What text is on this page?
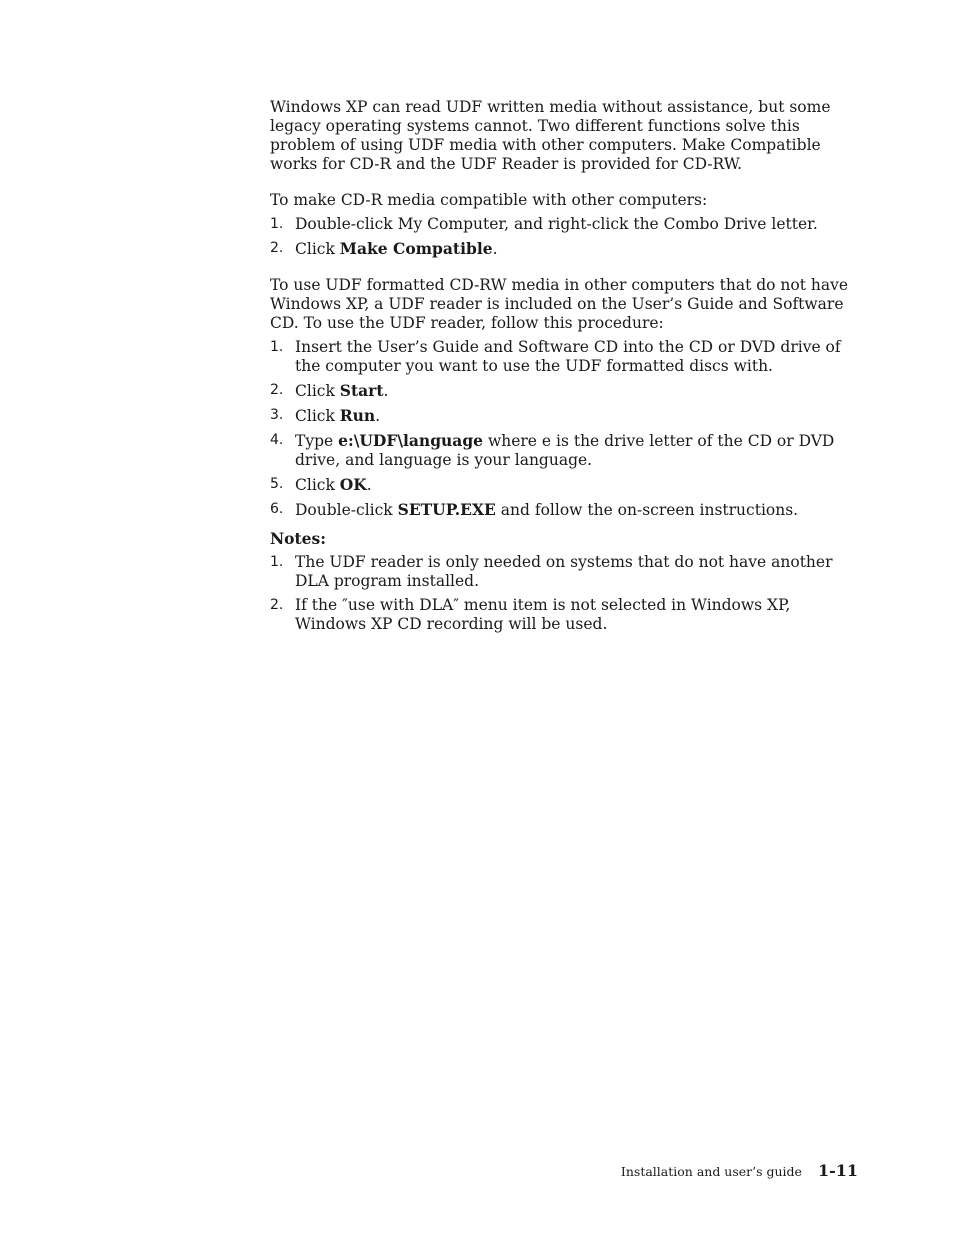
Windows XP can read UDF written media without assistance, but some legacy operating systems cannot. Two different functions solve this problem of using UDF media with other computers. Make Compatible works for CD-R and the UDF Reader is provided for CD-RW.

To make CD-R media compatible with other computers:

1. Double-click My Computer, and right-click the Combo Drive letter.
2. Click Make Compatible.

To use UDF formatted CD-RW media in other computers that do not have Windows XP, a UDF reader is included on the User’s Guide and Software CD. To use the UDF reader, follow this procedure:

1. Insert the User’s Guide and Software CD into the CD or DVD drive of the computer you want to use the UDF formatted discs with.
2. Click Start.
3. Click Run.
4. Type e:\UDF\language where e is the drive letter of the CD or DVD drive, and language is your language.
5. Click OK.
6. Double-click SETUP.EXE and follow the on-screen instructions.

Notes:

1. The UDF reader is only needed on systems that do not have another DLA program installed.
2. If the ″use with DLA″ menu item is not selected in Windows XP, Windows XP CD recording will be used.
Installation and user’s guide 1-11
